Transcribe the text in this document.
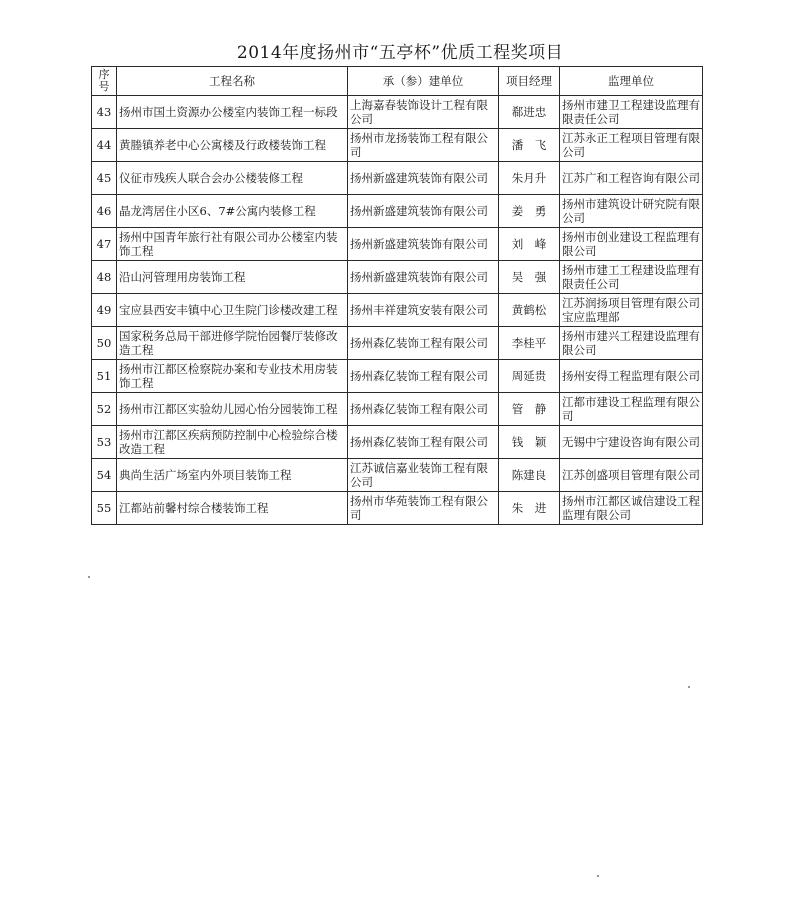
2014年度扬州市“五亭杯”优质工程奖项目
序号	工程名称	承（参）建单位	项目经理	监理单位
43	扬州市国土资源办公楼室内装饰工程一标段	上海嘉春装饰设计工程有限公司	郗进忠	扬州市建卫工程建设监理有限责任公司
44	黄塍镇养老中心公寓楼及行政楼装饰工程	扬州市龙扬装饰工程有限公司	潘　飞	江苏永正工程项目管理有限公司
45	仪征市残疾人联合会办公楼装修工程	扬州新盛建筑装饰有限公司	朱月升	江苏广和工程咨询有限公司
46	晶龙湾居住小区6、7#公寓内装修工程	扬州新盛建筑装饰有限公司	姜　勇	扬州市建筑设计研究院有限公司
47	扬州中国青年旅行社有限公司办公楼室内装饰工程	扬州新盛建筑装饰有限公司	刘　峰	扬州市创业建设工程监理有限公司
48	沿山河管理用房装饰工程	扬州新盛建筑装饰有限公司	吴　强	扬州市建工工程建设监理有限责任公司
49	宝应县西安丰镇中心卫生院门诊楼改建工程	扬州丰祥建筑安装有限公司	黄鹤松	江苏润扬项目管理有限公司宝应监理部
50	国家税务总局干部进修学院怡园餐厅装修改造工程	扬州森亿装饰工程有限公司	李桂平	扬州市建兴工程建设监理有限公司
51	扬州市江都区检察院办案和专业技术用房装饰工程	扬州森亿装饰工程有限公司	周延贵	扬州安得工程监理有限公司
52	扬州市江都区实验幼儿园心怡分园装饰工程	扬州森亿装饰工程有限公司	管　静	江都市建设工程监理有限公司
53	扬州市江都区疾病预防控制中心检验综合楼改造工程	扬州森亿装饰工程有限公司	钱　颖	无锡中宁建设咨询有限公司
54	典尚生活广场室内外项目装饰工程	江苏诚信嘉业装饰工程有限公司	陈建良	江苏创盛项目管理有限公司
55	江都站前馨村综合楼装饰工程	扬州市华苑装饰工程有限公司	朱　进	扬州市江都区诚信建设工程监理有限公司
